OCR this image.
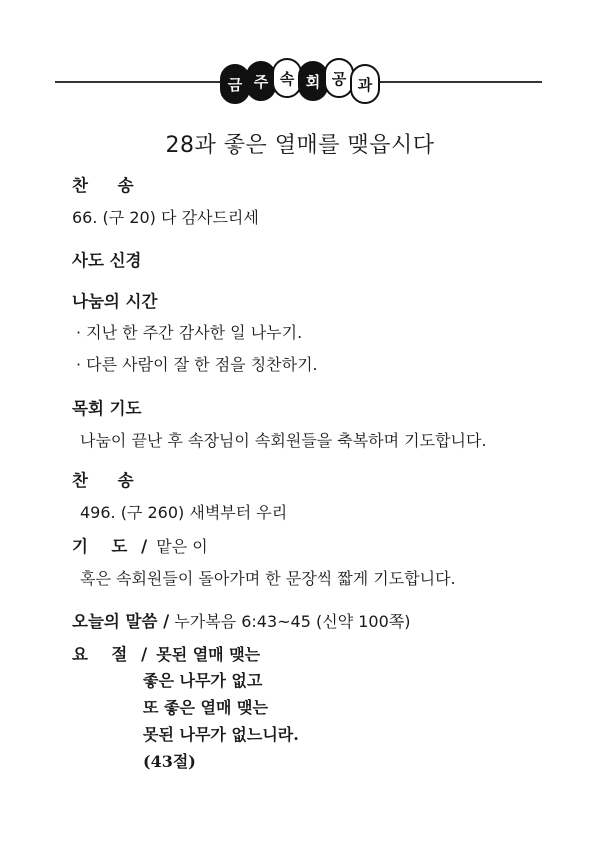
금 주 속 회 공 과
28과 좋은 열매를 맺읍시다
찬 송
66. (구 20) 다 감사드리세
사도 신경
나눔의 시간
· 지난 한 주간 감사한 일 나누기.
· 다른 사람이 잘 한 점을 칭찬하기.
목회 기도
나눔이 끝난 후 속장님이 속회원들을 축복하며 기도합니다.
찬 송
496. (구 260) 새벽부터 우리
기  도 / 맡은 이
혹은 속회원들이 돌아가며 한 문장씩 짧게 기도합니다.
오늘의 말씀 / 누가복음 6:43~45 (신약 100쪽)
요  절 / 못된 열매 맺는
좋은 나무가 없고
또 좋은 열매 맺는
못된 나무가 없느니라.
(43절)
